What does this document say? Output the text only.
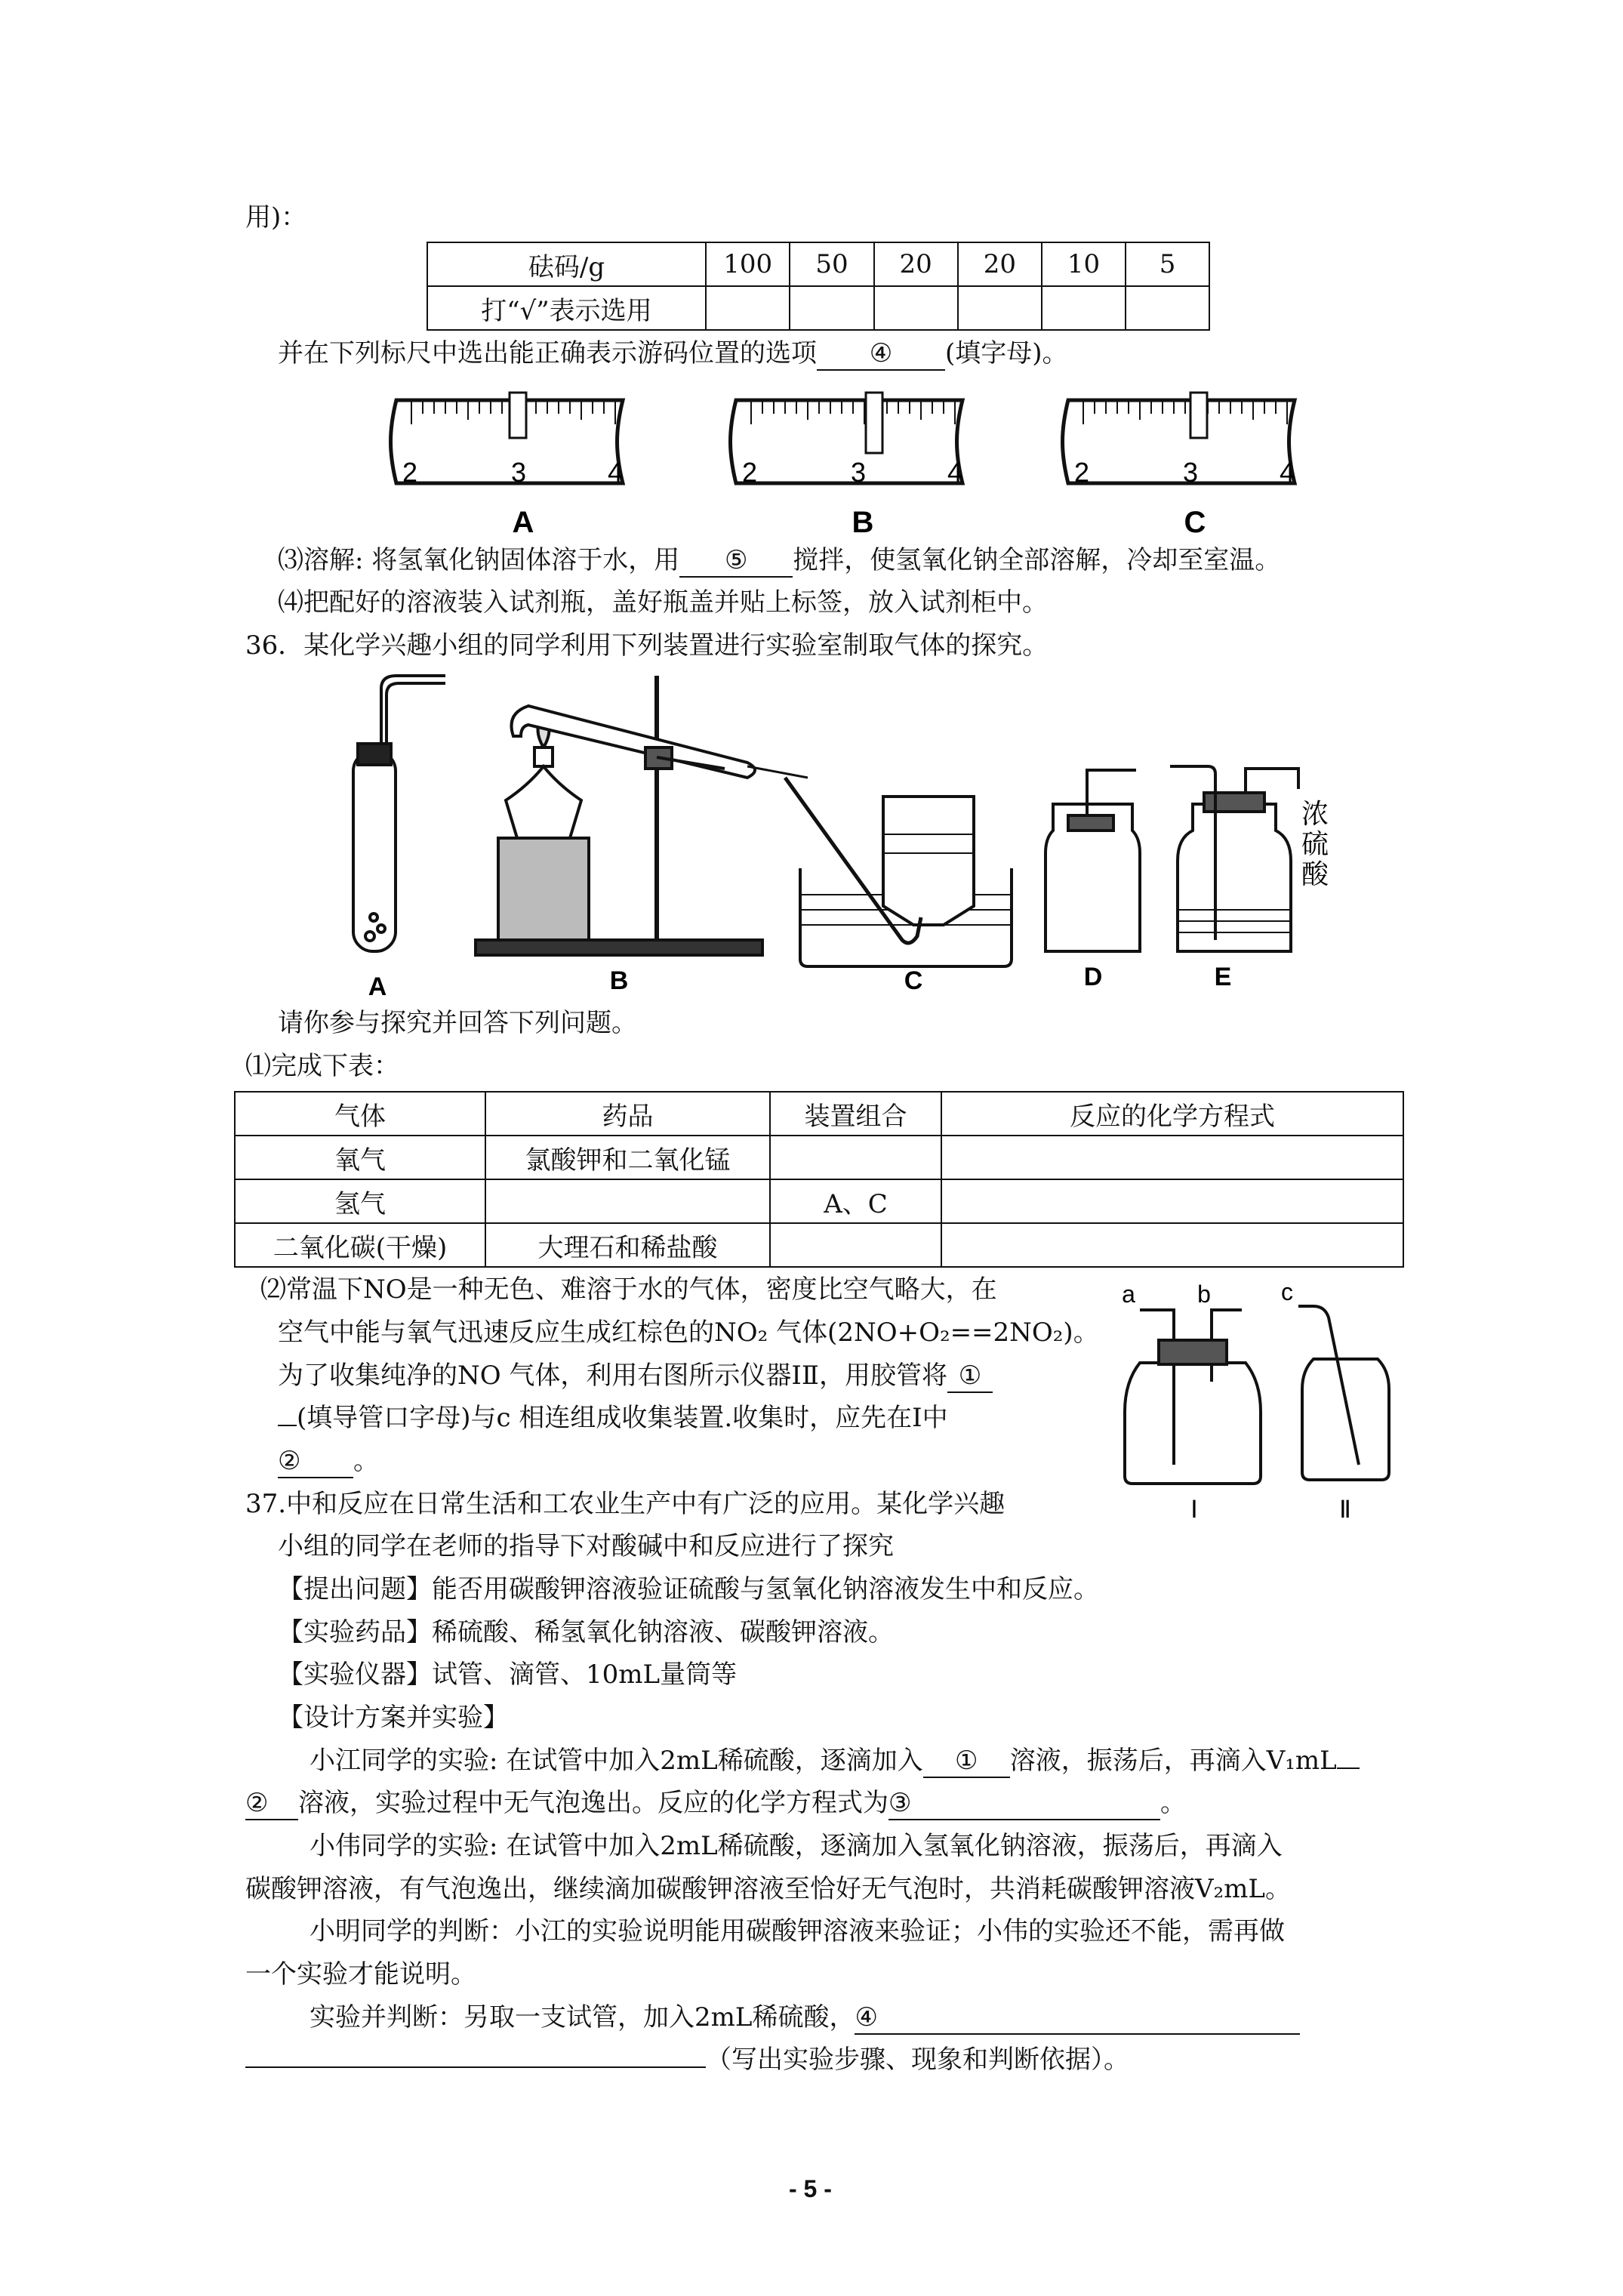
用)：
砝码/g	100	50	20	20	10	5
打“√”表示选用						
并在下列标尺中选出能正确表示游码位置的选项 ④ (填字母)。
2	3	4
A
2	3	4
B
2	3	4
C
⑶溶解: 将氢氧化钠固体溶于水，用 ⑤ 搅拌，使氢氧化钠全部溶解，冷却至室温。
⑷把配好的溶液装入试剂瓶，盖好瓶盖并贴上标签，放入试剂柜中。
36．某化学兴趣小组的同学利用下列装置进行实验室制取气体的探究。
浓
硫
酸
A	B	C	D	E
请你参与探究并回答下列问题。
⑴完成下表：
气体	药品	装置组合	反应的化学方程式
氧气	氯酸钾和二氧化锰		
氢气		A、C	
二氧化碳(干燥)	大理石和稀盐酸		
⑵常温下NO是一种无色、难溶于水的气体，密度比空气略大，在
空气中能与氧气迅速反应生成红棕色的NO₂ 气体(2NO+O₂==2NO₂)。
为了收集纯净的NO 气体，利用右图所示仪器ⅠⅡ，用胶管将 ①
(填导管口字母)与c 相连组成收集装置.收集时，应先在Ⅰ中
② 。
a	b	c
Ⅰ	Ⅱ
37.中和反应在日常生活和工农业生产中有广泛的应用。某化学兴趣
小组的同学在老师的指导下对酸碱中和反应进行了探究
【提出问题】能否用碳酸钾溶液验证硫酸与氢氧化钠溶液发生中和反应。
【实验药品】稀硫酸、稀氢氧化钠溶液、碳酸钾溶液。
【实验仪器】试管、滴管、10mL量筒等
【设计方案并实验】
小江同学的实验: 在试管中加入2mL稀硫酸，逐滴加入 ① 溶液，振荡后，再滴入V₁mL
② 溶液，实验过程中无气泡逸出。反应的化学方程式为③	。
小伟同学的实验: 在试管中加入2mL稀硫酸，逐滴加入氢氧化钠溶液，振荡后，再滴入
碳酸钾溶液，有气泡逸出，继续滴加碳酸钾溶液至恰好无气泡时，共消耗碳酸钾溶液V₂mL。
小明同学的判断：小江的实验说明能用碳酸钾溶液来验证；小伟的实验还不能，需再做
一个实验才能说明。
实验并判断：另取一支试管，加入2mL稀硫酸，④
（写出实验步骤、现象和判断依据）。
- 5 -
